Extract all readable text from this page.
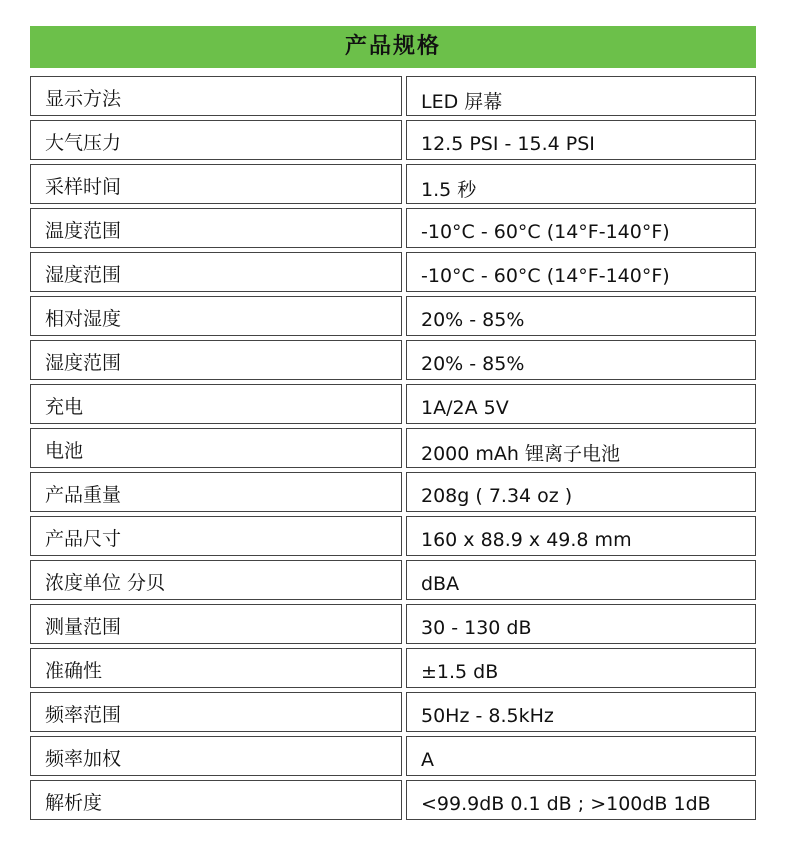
产品规格
显示方法	LED 屏幕
大气压力	12.5 PSI - 15.4 PSI
采样时间	1.5 秒
温度范围	-10°C - 60°C (14°F-140°F)
湿度范围	-10°C - 60°C (14°F-140°F)
相对湿度	20% - 85%
湿度范围	20% - 85%
充电	1A/2A 5V
电池	2000 mAh 锂离子电池
产品重量	208g ( 7.34 oz )
产品尺寸	160 x 88.9 x 49.8 mm
浓度单位 分贝	dBA
测量范围	30 - 130 dB
准确性	±1.5 dB
频率范围	50Hz - 8.5kHz
频率加权	A
解析度	<99.9dB 0.1 dB ; >100dB 1dB
